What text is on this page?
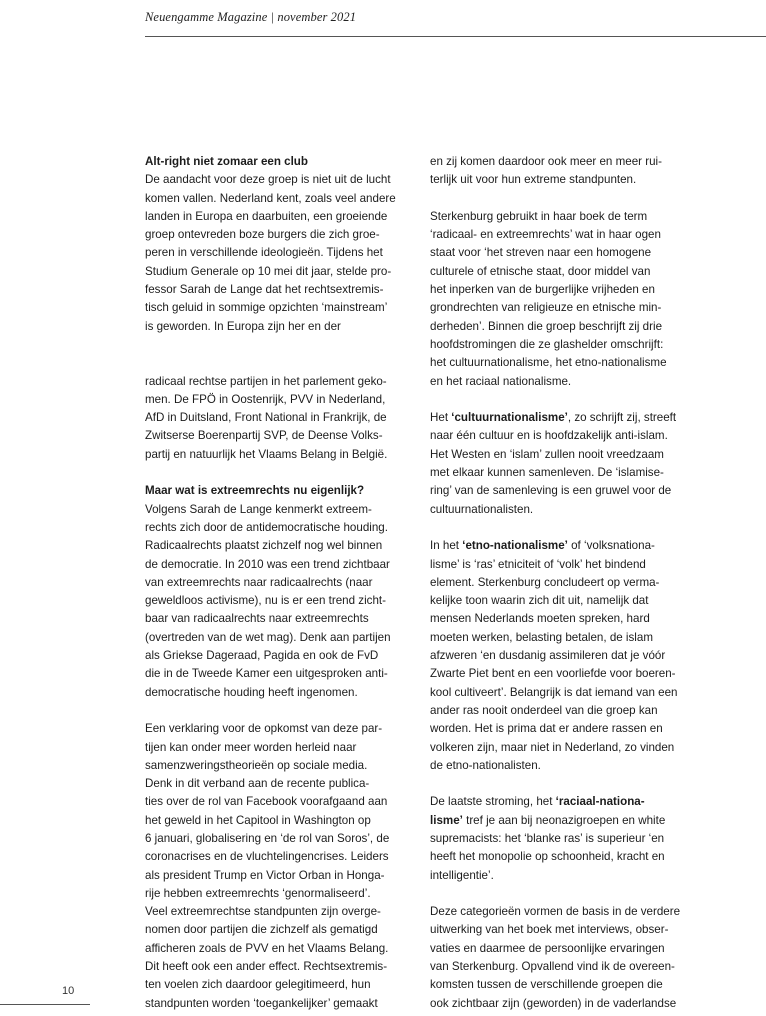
Neuengamme Magazine | november 2021
Alt-right niet zomaar een club
De aandacht voor deze groep is niet uit de lucht
komen vallen. Nederland kent, zoals veel andere
landen in Europa en daarbuiten, een groeiende
groep ontevreden boze burgers die zich groe-
peren in verschillende ideologieën. Tijdens het
Studium Generale op 10 mei dit jaar, stelde pro-
fessor Sarah de Lange dat het rechtsextremis-
tisch geluid in sommige opzichten ‘mainstream’
is geworden. In Europa zijn her en der
radicaal rechtse partijen in het parlement geko-
men. De FPÖ in Oostenrijk, PVV in Nederland,
AfD in Duitsland, Front National in Frankrijk, de
Zwitserse Boerenpartij SVP, de Deense Volks-
partij en natuurlijk het Vlaams Belang in België.
Maar wat is extreemrechts nu eigenlijk?
Volgens Sarah de Lange kenmerkt extreem-
rechts zich door de antidemocratische houding.
Radicaalrechts plaatst zichzelf nog wel binnen
de democratie. In 2010 was een trend zichtbaar
van extreemrechts naar radicaalrechts (naar
geweldloos activisme), nu is er een trend zicht-
baar van radicaalrechts naar extreemrechts
(overtreden van de wet mag). Denk aan partijen
als Griekse Dageraad, Pagida en ook de FvD
die in de Tweede Kamer een uitgesproken anti-
democratische houding heeft ingenomen.
Een verklaring voor de opkomst van deze par-
tijen kan onder meer worden herleid naar
samenzweringstheorieën op sociale media.
Denk in dit verband aan de recente publica-
ties over de rol van Facebook voorafgaand aan
het geweld in het Capitool in Washington op
6 januari, globalisering en ‘de rol van Soros’, de
coronacrises en de vluchtelingencrises. Leiders
als president Trump en Victor Orban in Honga-
rije hebben extreemrechts ‘genormaliseerd’.
Veel extreemrechtse standpunten zijn overge-
nomen door partijen die zichzelf als gematigd
afficheren zoals de PVV en het Vlaams Belang.
Dit heeft ook een ander effect. Rechtsextremis-
ten voelen zich daardoor gelegitimeerd, hun
standpunten worden ‘toegankelijker’ gemaakt
en zij komen daardoor ook meer en meer rui-
terlijk uit voor hun extreme standpunten.
Sterkenburg gebruikt in haar boek de term
‘radicaal- en extreemrechts’ wat in haar ogen
staat voor ‘het streven naar een homogene
culturele of etnische staat, door middel van
het inperken van de burgerlijke vrijheden en
grondrechten van religieuze en etnische min-
derheden’. Binnen die groep beschrijft zij drie
hoofdstromingen die ze glashelder omschrijft:
het cultuurnationalisme, het etno-nationalisme
en het raciaal nationalisme.
Het ‘cultuurnationalisme’, zo schrijft zij, streeft
naar één cultuur en is hoofdzakelijk anti-islam.
Het Westen en ‘islam’ zullen nooit vreedzaam
met elkaar kunnen samenleven. De ‘islamise-
ring’ van de samenleving is een gruwel voor de
cultuurnationalisten.
In het ‘etno-nationalisme’ of ‘volksnationa-
lisme’ is ‘ras’ etniciteit of ‘volk’ het bindend
element. Sterkenburg concludeert op verma-
kelijke toon waarin zich dit uit, namelijk dat
mensen Nederlands moeten spreken, hard
moeten werken, belasting betalen, de islam
afzweren ‘en dusdanig assimileren dat je vóór
Zwarte Piet bent en een voorliefde voor boeren-
kool cultiveert’. Belangrijk is dat iemand van een
ander ras nooit onderdeel van die groep kan
worden. Het is prima dat er andere rassen en
volkeren zijn, maar niet in Nederland, zo vinden
de etno-nationalisten.
De laatste stroming, het ‘raciaal-nationa-
lisme’ tref je aan bij neonazigroepen en white
supremacists: het ‘blanke ras’ is superieur ‘en
heeft het monopolie op schoonheid, kracht en
intelligentie’.
Deze categorieën vormen de basis in de verdere
uitwerking van het boek met interviews, obser-
vaties en daarmee de persoonlijke ervaringen
van Sterkenburg. Opvallend vind ik de overeen-
komsten tussen de verschillende groepen die
ook zichtbaar zijn (geworden) in de vaderlandse
10
